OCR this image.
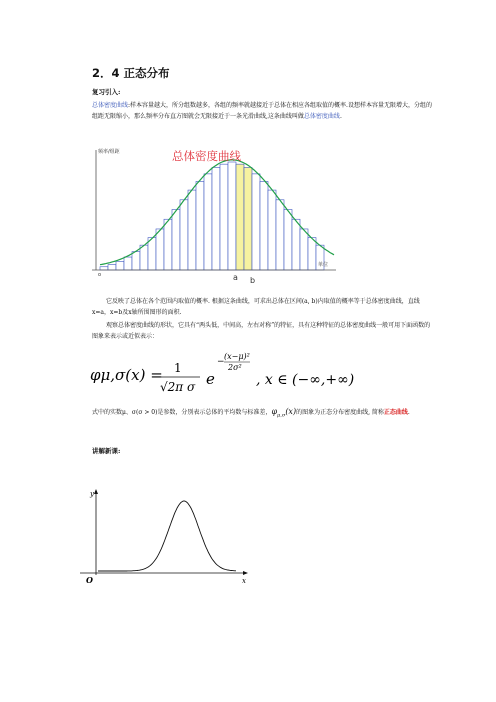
2．4 正态分布
复习引入:
总体密度曲线:样本容量越大，所分组数越多，各组的频率就越接近于总体在相应各组取值的概率.设想样本容量无限增大，分组的组距无限缩小，那么频率分布直方图就会无限接近于一条光滑曲线,这条曲线叫做总体密度曲线.
频率/组距
单位
o
总体密度曲线
a b
它反映了总体在各个范围内取值的概率. 根据这条曲线，可求出总体在区间(a, b)内取值的概率等于总体密度曲线，直线x=a，x=b及x轴所围图形的面积.
观察总体密度曲线的形状，它具有“两头低，中间高，左右对称”的特征，具有这种特征的总体密度曲线一般可用下面函数的图象来表示或近似表示：
φμ,σ(x) = 1
√2π σ e
−
(x−μ)²
2σ²
, x ∈ (−∞,+∞)
式中的实数μ、σ(σ > 0)是参数，分别表示总体的平均数与标准差，$\varphi_{\mu,\sigma}(x)$的图象为正态分布密度曲线, 简称正态曲线.
讲解新课:
y
x
O
